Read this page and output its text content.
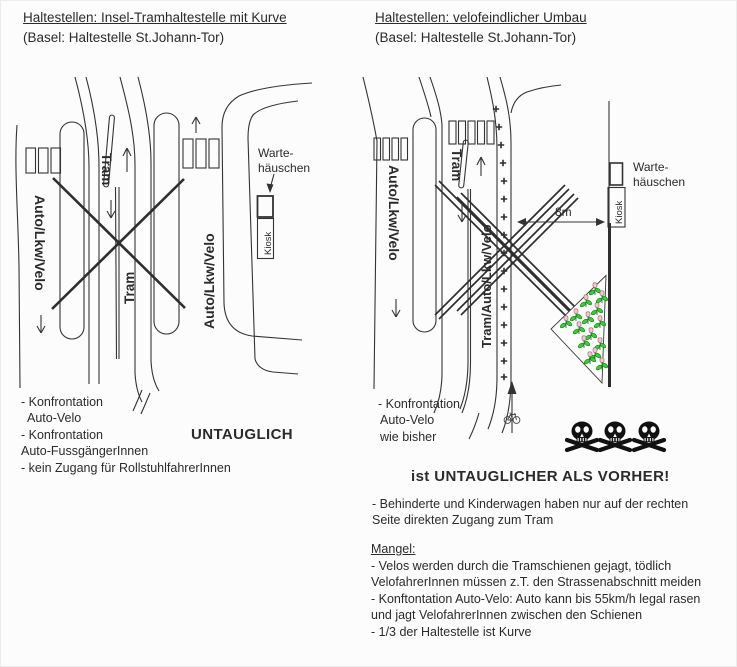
Haltestellen: Insel-Tramhaltestelle mit Kurve
(Basel: Haltestelle St.Johann-Tor)
Haltestellen: velofeindlicher Umbau
(Basel: Haltestelle St.Johann-Tor)
Auto/Lkw/Velo
Tram
Tram	Auto/Lkw/Velo
Warte-
häuschen
Kiosk
- Konfrontation
Auto-Velo
- Konfrontation
Auto-FussgängerInnen
- kein Zugang für RollstuhlfahrerInnen
UNTAUGLICH
Auto/Lkw/Velo	Tram
Tram/Auto/Lkw/Velo
Warte-
häuschen
Kiosk
8m
- Konfrontation
Auto-Velo
wie bisher
ist UNTAUGLICHER ALS VORHER!
- Behinderte und Kinderwagen haben nur auf der rechten
Seite direkten Zugang zum Tram
Mangel:
- Velos werden durch die Tramschienen gejagt, tödlich
VelofahrerInnen müssen z.T. den Strassenabschnitt meiden
- Konftontation Auto-Velo: Auto kann bis 55km/h legal rasen
und jagt VelofahrerInnen zwischen den Schienen
- 1/3 der Haltestelle ist Kurve
